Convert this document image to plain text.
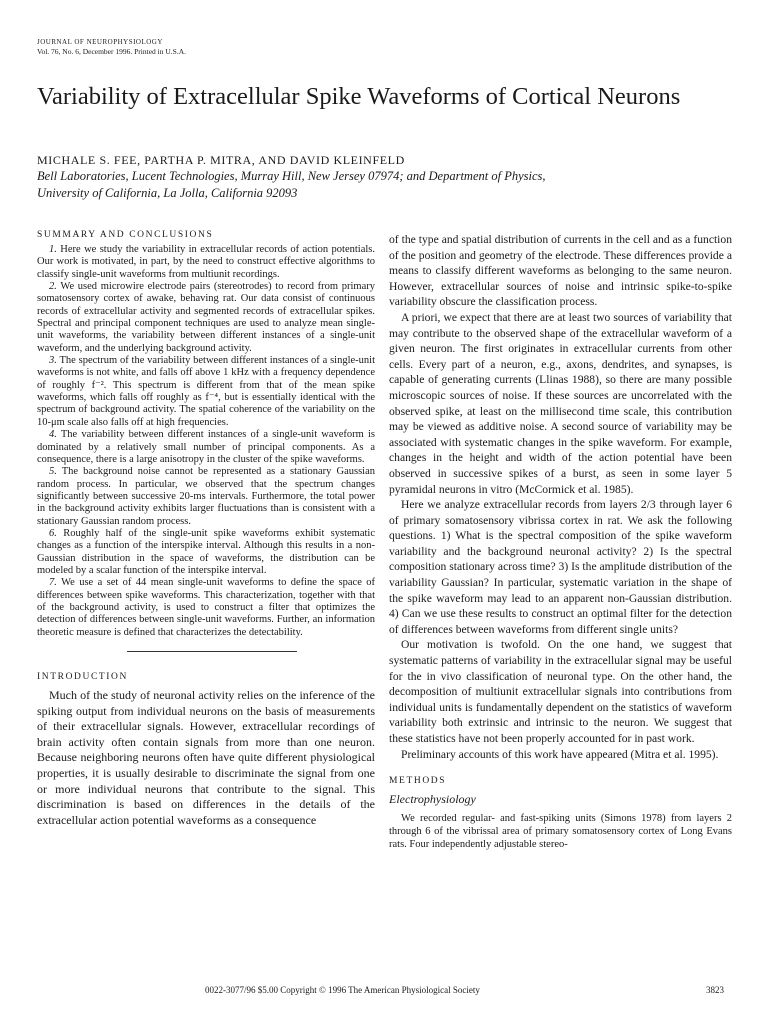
JOURNAL OF NEUROPHYSIOLOGY
Vol. 76, No. 6, December 1996. Printed in U.S.A.
Variability of Extracellular Spike Waveforms of Cortical Neurons
MICHALE S. FEE, PARTHA P. MITRA, AND DAVID KLEINFELD
Bell Laboratories, Lucent Technologies, Murray Hill, New Jersey 07974; and Department of Physics,
University of California, La Jolla, California 92093
SUMMARY AND CONCLUSIONS

1. Here we study the variability in extracellular records of action potentials. Our work is motivated, in part, by the need to construct effective algorithms to classify single-unit waveforms from multiunit recordings.

2. We used microwire electrode pairs (stereotrodes) to record from primary somatosensory cortex of awake, behaving rat. Our data consist of continuous records of extracellular activity and segmented records of extracellular spikes. Spectral and principal component techniques are used to analyze mean single-unit waveforms, the variability between different instances of a single-unit waveform, and the underlying background activity.

3. The spectrum of the variability between different instances of a single-unit waveforms is not white, and falls off above 1 kHz with a frequency dependence of roughly f⁻². This spectrum is different from that of the mean spike waveforms, which falls off roughly as f⁻⁴, but is essentially identical with the spectrum of background activity. The spatial coherence of the variability on the 10-μm scale also falls off at high frequencies.

4. The variability between different instances of a single-unit waveform is dominated by a relatively small number of principal components. As a consequence, there is a large anisotropy in the cluster of the spike waveforms.

5. The background noise cannot be represented as a stationary Gaussian random process. In particular, we observed that the spectrum changes significantly between successive 20-ms intervals. Furthermore, the total power in the background activity exhibits larger fluctuations than is consistent with a stationary Gaussian random process.

6. Roughly half of the single-unit spike waveforms exhibit systematic changes as a function of the interspike interval. Although this results in a non-Gaussian distribution in the space of waveforms, the distribution can be modeled by a scalar function of the interspike interval.

7. We use a set of 44 mean single-unit waveforms to define the space of differences between spike waveforms. This characterization, together with that of the background activity, is used to construct a filter that optimizes the detection of differences between single-unit waveforms. Further, an information theoretic measure is defined that characterizes the detectability.

INTRODUCTION

Much of the study of neuronal activity relies on the inference of the spiking output from individual neurons on the basis of measurements of their extracellular signals. However, extracellular recordings of brain activity often contain signals from more than one neuron. Because neighboring neurons often have quite different physiological properties, it is usually desirable to discriminate the signal from one or more individual neurons that contribute to the signal. This discrimination is based on differences in the details of the extracellular action potential waveforms as a consequence

of the type and spatial distribution of currents in the cell and as a function of the position and geometry of the electrode. These differences provide a means to classify different waveforms as belonging to the same neuron. However, extracellular sources of noise and intrinsic spike-to-spike variability obscure the classification process.

A priori, we expect that there are at least two sources of variability that may contribute to the observed shape of the extracellular waveform of a given neuron. The first originates in extracellular currents from other cells. Every part of a neuron, e.g., axons, dendrites, and synapses, is capable of generating currents (Llinas 1988), so there are many possible microscopic sources of noise. If these sources are uncorrelated with the observed spike, at least on the millisecond time scale, this contribution may be viewed as additive noise. A second source of variability may be associated with systematic changes in the spike waveform. For example, changes in the height and width of the action potential have been observed in successive spikes of a burst, as seen in some layer 5 pyramidal neurons in vitro (McCormick et al. 1985).

Here we analyze extracellular records from layers 2/3 through layer 6 of primary somatosensory vibrissa cortex in rat. We ask the following questions. 1) What is the spectral composition of the spike waveform variability and the background neuronal activity? 2) Is the spectral composition stationary across time? 3) Is the amplitude distribution of the variability Gaussian? In particular, systematic variation in the shape of the spike waveform may lead to an apparent non-Gaussian distribution. 4) Can we use these results to construct an optimal filter for the detection of differences between waveforms from different single units?

Our motivation is twofold. On the one hand, we suggest that systematic patterns of variability in the extracellular signal may be useful for the in vivo classification of neuronal type. On the other hand, the decomposition of multiunit extracellular signals into contributions from individual units is fundamentally dependent on the statistics of waveform variability both extrinsic and intrinsic to the neuron. We suggest that these statistics have not been properly accounted for in past work.

Preliminary accounts of this work have appeared (Mitra et al. 1995).

METHODS
Electrophysiology

We recorded regular- and fast-spiking units (Simons 1978) from layers 2 through 6 of the vibrissal area of primary somatosensory cortex of Long Evans rats. Four independently adjustable stereo-

0022-3077/96 $5.00 Copyright © 1996 The American Physiological Society	3823
